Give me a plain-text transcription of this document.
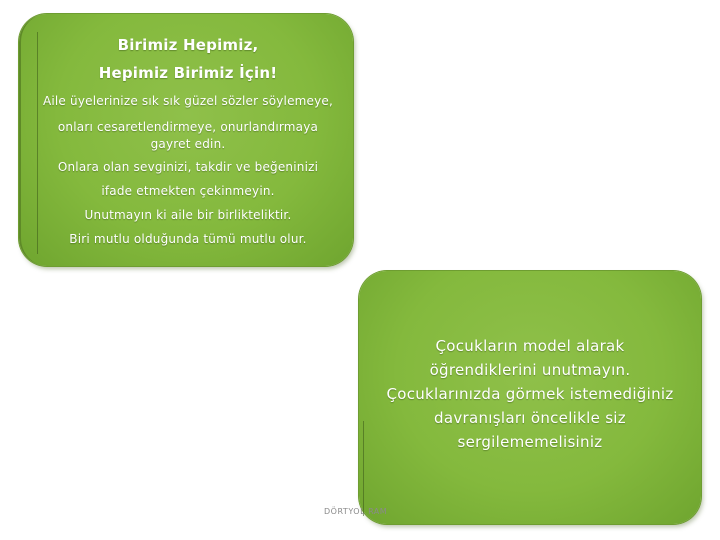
Birimiz Hepimiz,
Hepimiz Birimiz İçin!
Aile üyelerinize sık sık güzel sözler söylemeye,
onları cesaretlendirmeye, onurlandırmaya
gayret edin.
Onlara olan sevginizi, takdir ve beğeninizi
ifade etmekten çekinmeyin.
Unutmayın ki aile bir birlikteliktir.
Biri mutlu olduğunda tümü mutlu olur.
Çocukların model alarak
öğrendiklerini unutmayın.
Çocuklarınızda görmek istemediğiniz
davranışları öncelikle siz
sergilememelisiniz
DÖRTYOL RAM
